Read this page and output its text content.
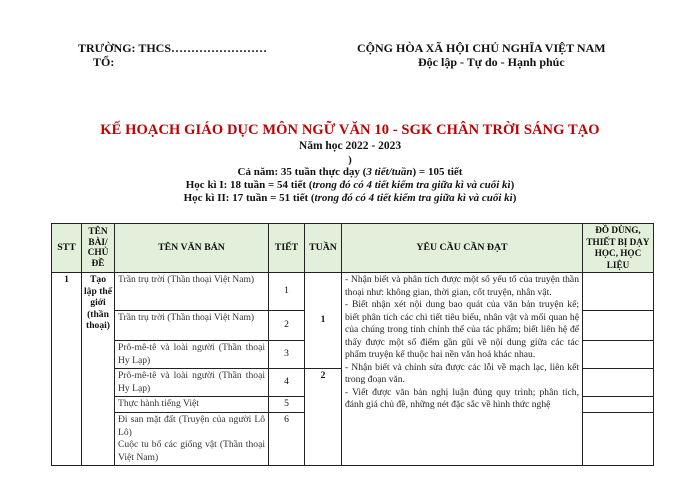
TRƯỜNG: THCS……………………
TỔ:
CỘNG HÒA XÃ HỘI CHỦ NGHĨA VIỆT NAM
Độc lập - Tự do - Hạnh phúc
KẾ HOẠCH GIÁO DỤC MÔN NGỮ VĂN 10 - SGK CHÂN TRỜI SÁNG TẠO
Năm học 2022 - 2023
)
Cả năm: 35 tuần thực dạy (3 tiết/tuần) = 105 tiết
Học kì I: 18 tuần = 54 tiết (trong đó có 4 tiết kiểm tra giữa kì và cuối kì)
Học kì II: 17 tuần = 51 tiết (trong đó có 4 tiết kiểm tra giữa kì và cuối kì)
STT	TÊN BÀI/ CHỦ ĐỀ	TÊN VĂN BẢN	TIẾT	TUẦN	YÊU CẦU CẦN ĐẠT	ĐỒ DÙNG, THIẾT BỊ DẠY HỌC, HỌC LIỆU
1	Tạo lập thế giới (thần thoại)	Trần trụ trời (Thần thoại Việt Nam)	1	1	- Nhận biết và phân tích được một số yếu tố của truyện thần thoại như: không gian, thời gian, cốt truyện, nhân vật.
- Biết nhận xét nội dung bao quát của văn bản truyện kể; biết phân tích các chi tiết tiêu biểu, nhân vật và mối quan hệ của chúng trong tính chỉnh thể của tác phẩm; biết liên hệ để thấy được một số điểm gần gũi về nội dung giữa các tác phẩm truyện kể thuộc hai nền văn hoá khác nhau.
- Nhận biết và chỉnh sửa được các lỗi về mạch lạc, liên kết trong đoạn văn.
- Viết được văn bản nghị luận đúng quy trình; phân tích, đánh giá chủ đề, những nét đặc sắc về hình thức nghệ	

		Trần trụ trời (Thần thoại Việt Nam)	2			
		Prô-mê-tê và loài người (Thần thoại Hy Lạp)	3			
		Prô-mê-tê và loài người (Thần thoại Hy Lạp)	4	2		
		Thực hành tiếng Việt	5			

		Đi san mặt đất (Truyện của người Lô Lô)
Cuộc tu bổ các giống vật (Thần thoại Việt Nam)	6			
